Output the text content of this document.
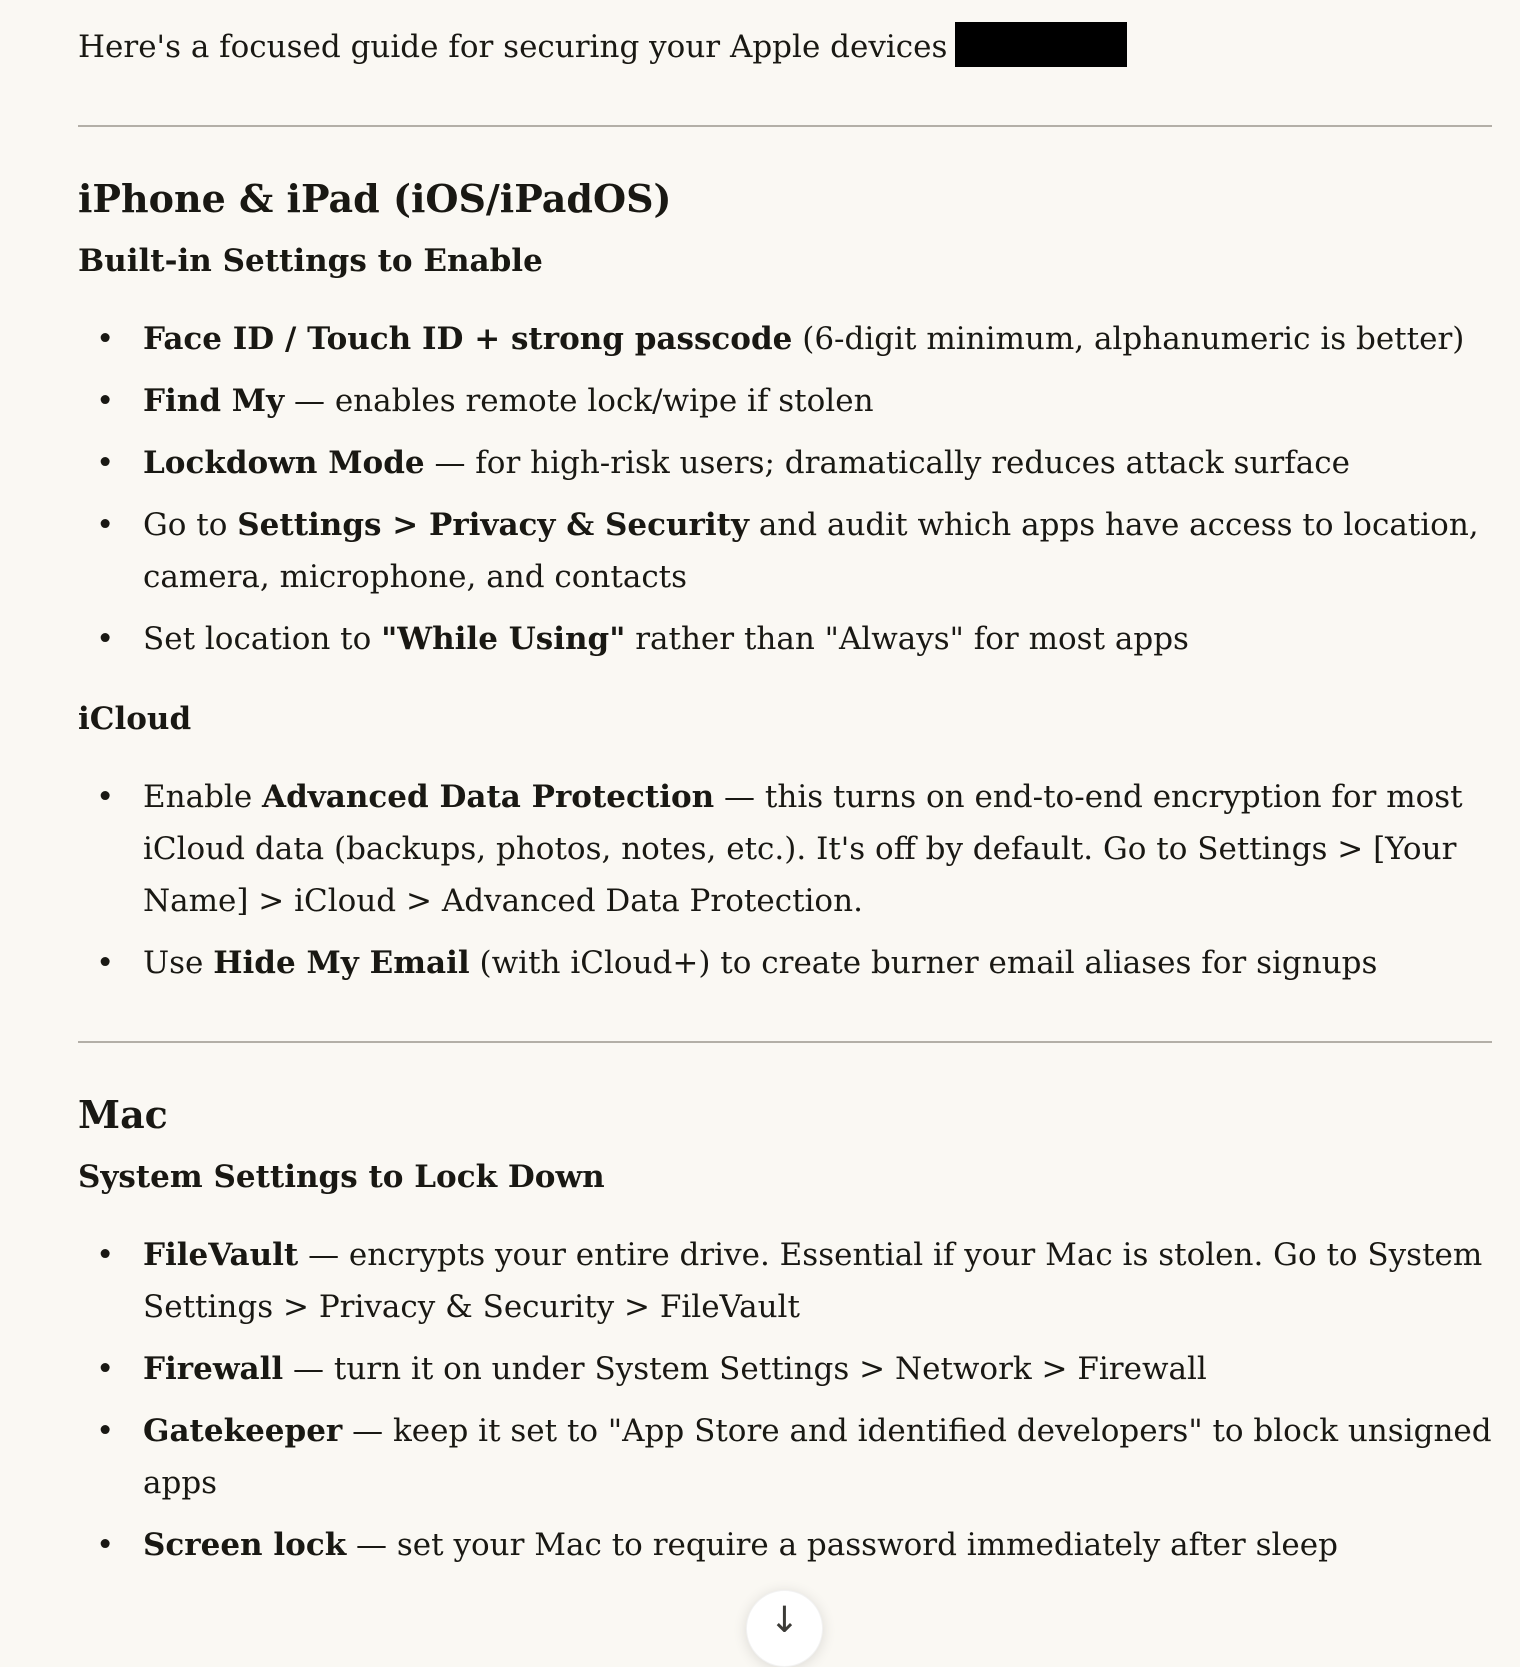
Here's a focused guide for securing your Apple devices

iPhone & iPad (iOS/iPadOS)
Built-in Settings to Enable
• Face ID / Touch ID + strong passcode (6-digit minimum, alphanumeric is better)
• Find My — enables remote lock/wipe if stolen
• Lockdown Mode — for high-risk users; dramatically reduces attack surface
• Go to Settings > Privacy & Security and audit which apps have access to location, camera, microphone, and contacts
• Set location to "While Using" rather than "Always" for most apps
iCloud
• Enable Advanced Data Protection — this turns on end-to-end encryption for most iCloud data (backups, photos, notes, etc.). It's off by default. Go to Settings > [Your Name] > iCloud > Advanced Data Protection.
• Use Hide My Email (with iCloud+) to create burner email aliases for signups
Mac
System Settings to Lock Down
• FileVault — encrypts your entire drive. Essential if your Mac is stolen. Go to System Settings > Privacy & Security > FileVault
• Firewall — turn it on under System Settings > Network > Firewall
• Gatekeeper — keep it set to "App Store and identified developers" to block unsigned apps
• Screen lock — set your Mac to require a password immediately after sleep
↓
